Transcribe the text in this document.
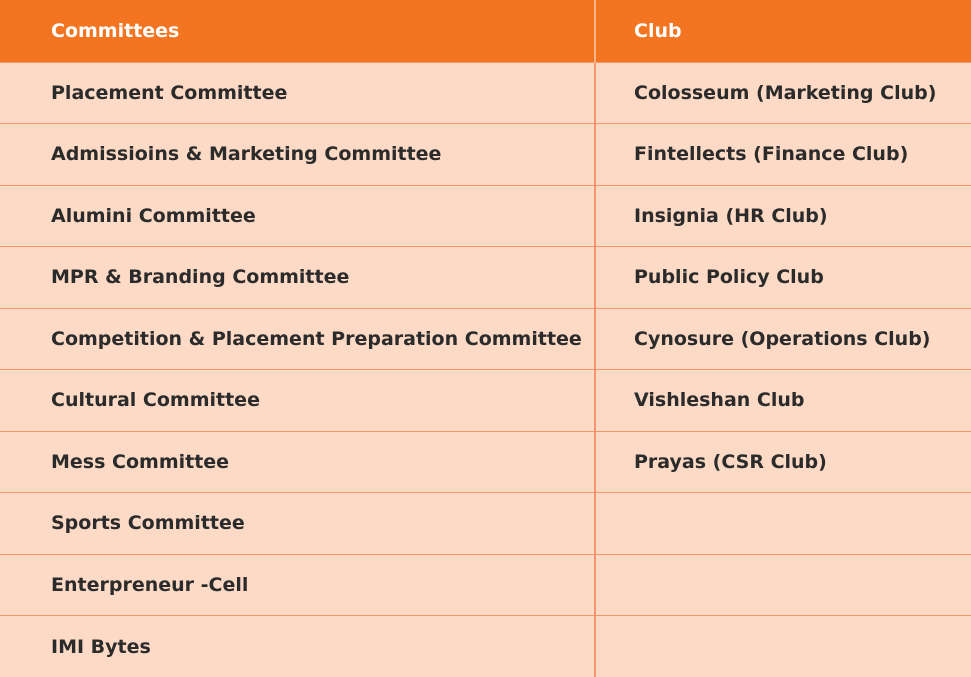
Committees	Club
Placement Committee	Colosseum (Marketing Club)
Admissioins & Marketing Committee	Fintellects (Finance Club)
Alumini Committee	Insignia (HR Club)
MPR & Branding Committee	Public Policy Club
Competition & Placement Preparation Committee	Cynosure (Operations Club)
Cultural Committee	Vishleshan Club
Mess Committee	Prayas (CSR Club)
Sports Committee	
Enterpreneur -Cell	
IMI Bytes	
